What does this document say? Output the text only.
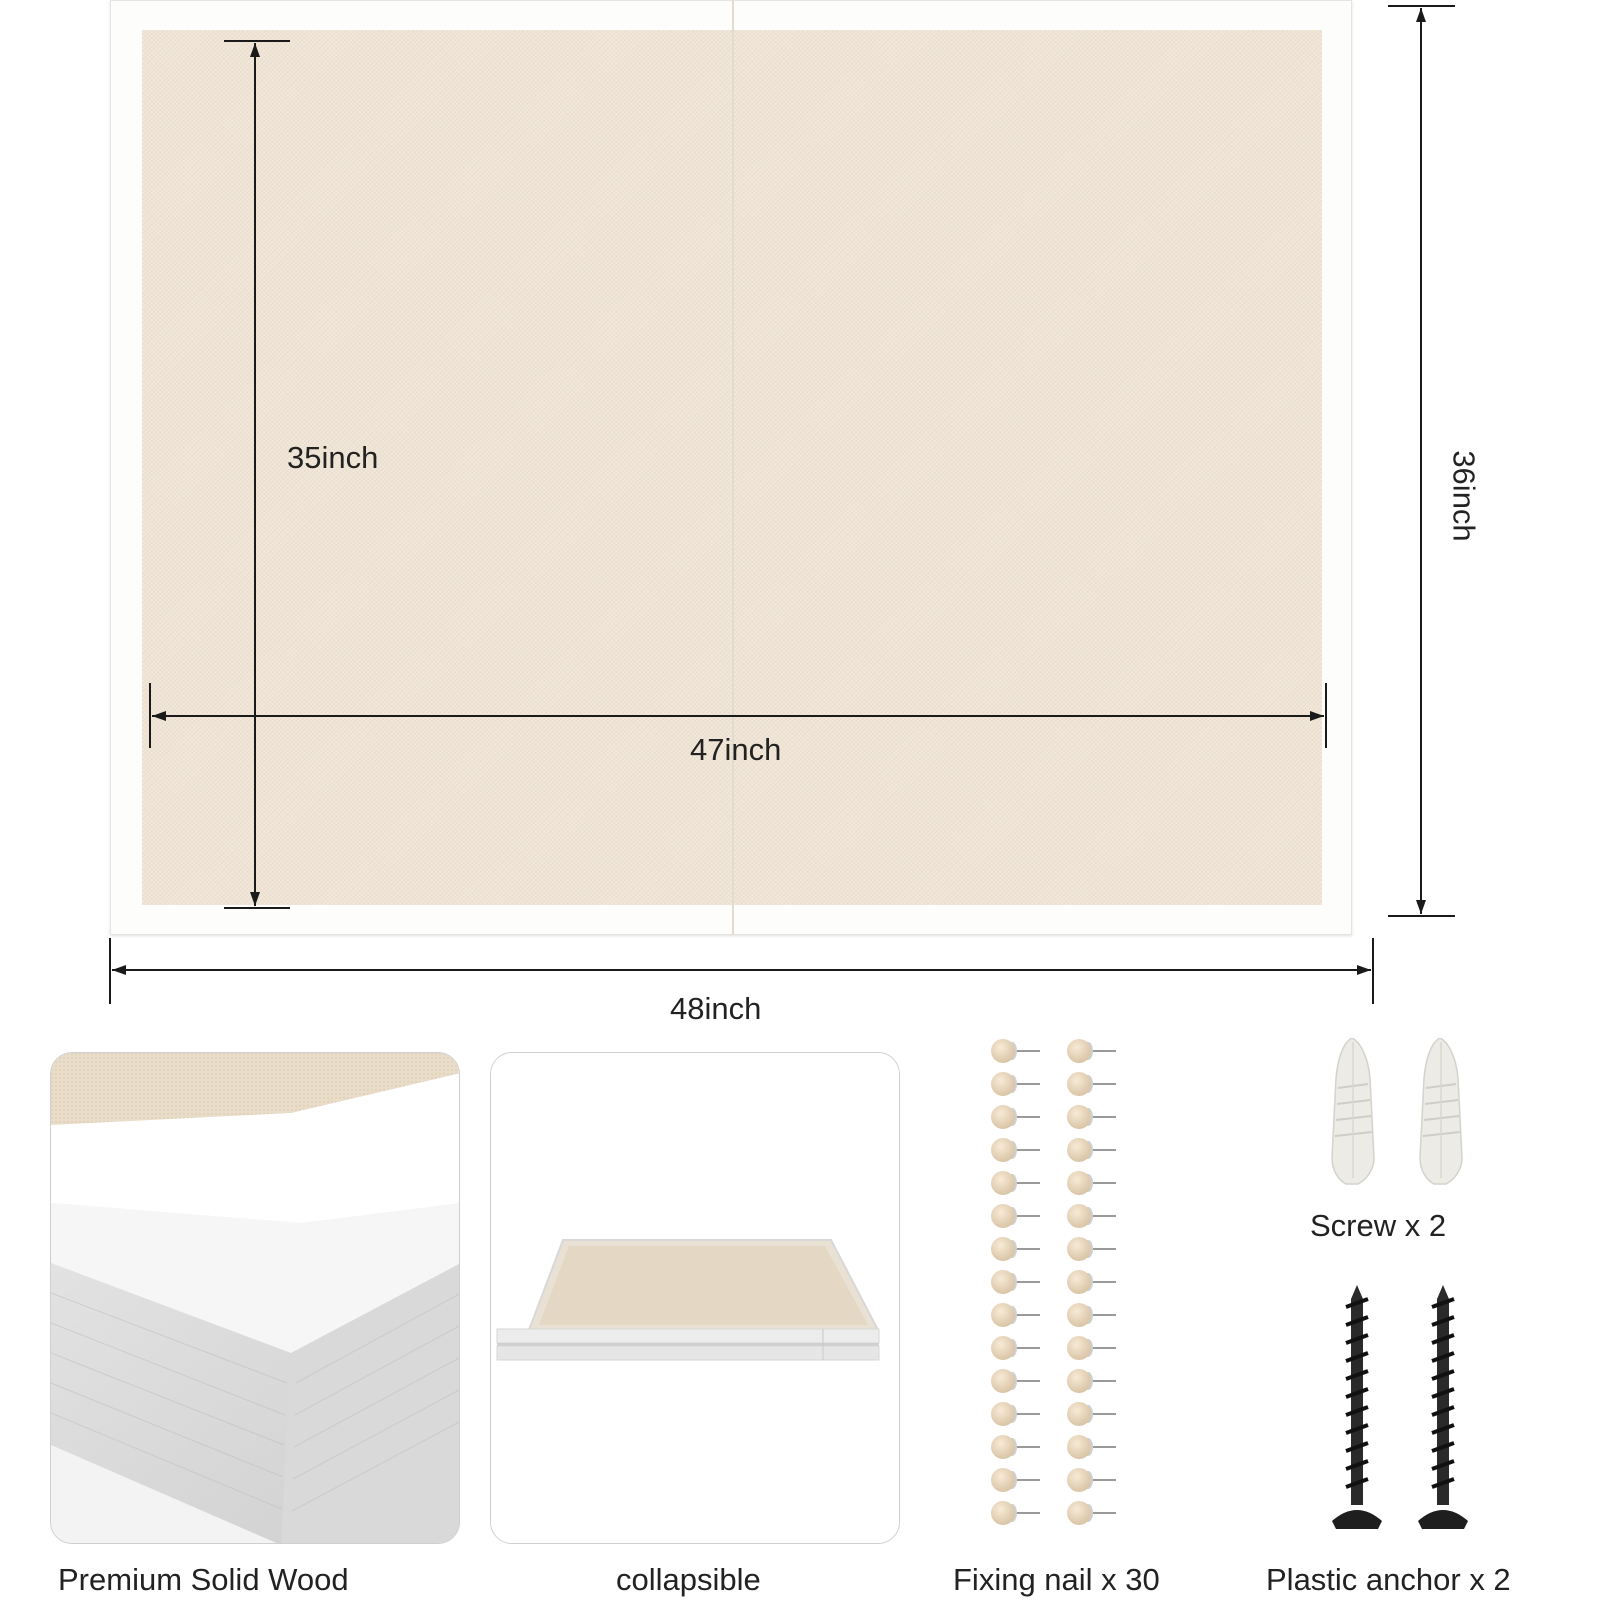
35inch
47inch
36inch
48inch
Premium Solid Wood	collapsible	Fixing nail x 30
Screw x 2
Plastic anchor x 2
